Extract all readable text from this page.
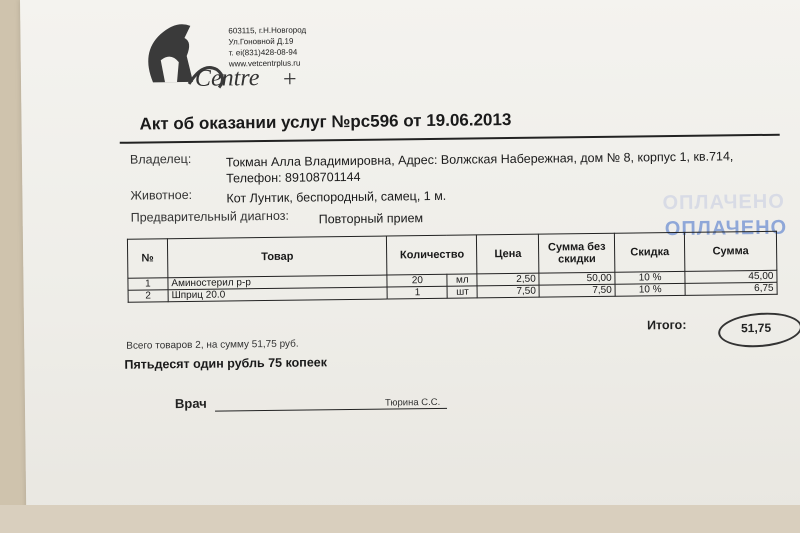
Centre +
603115, г.Н.Новгород
Ул.Гоновной Д.19
т. ei(831)428-08-94
www.vetcentrplus.ru
Акт об оказании услуг №рс596 от 19.06.2013
Владелец:	Токман Алла Владимировна, Адрес: Волжская Набережная, дом № 8, корпус 1, кв.714,
Телефон: 89108701144
Животное:	Кот Лунтик, беспородный, самец, 1 м.
Предварительный диагноз: Повторный прием
ОПЛАЧЕНО
ОПЛАЧЕНО
№	Товар	Количество		Цена	Сумма без скидки	Скидка	Сумма
1	Аминостерил р-р	20	мл	2,50	50,00	10 %	45,00
2	Шприц 20.0	1	шт	7,50	7,50	10 %	6,75
Итого:	51,75
Всего товаров 2, на сумму 51,75 руб.
Пятьдесят один рубль 75 копеек
Врач	Тюрина С.С.
